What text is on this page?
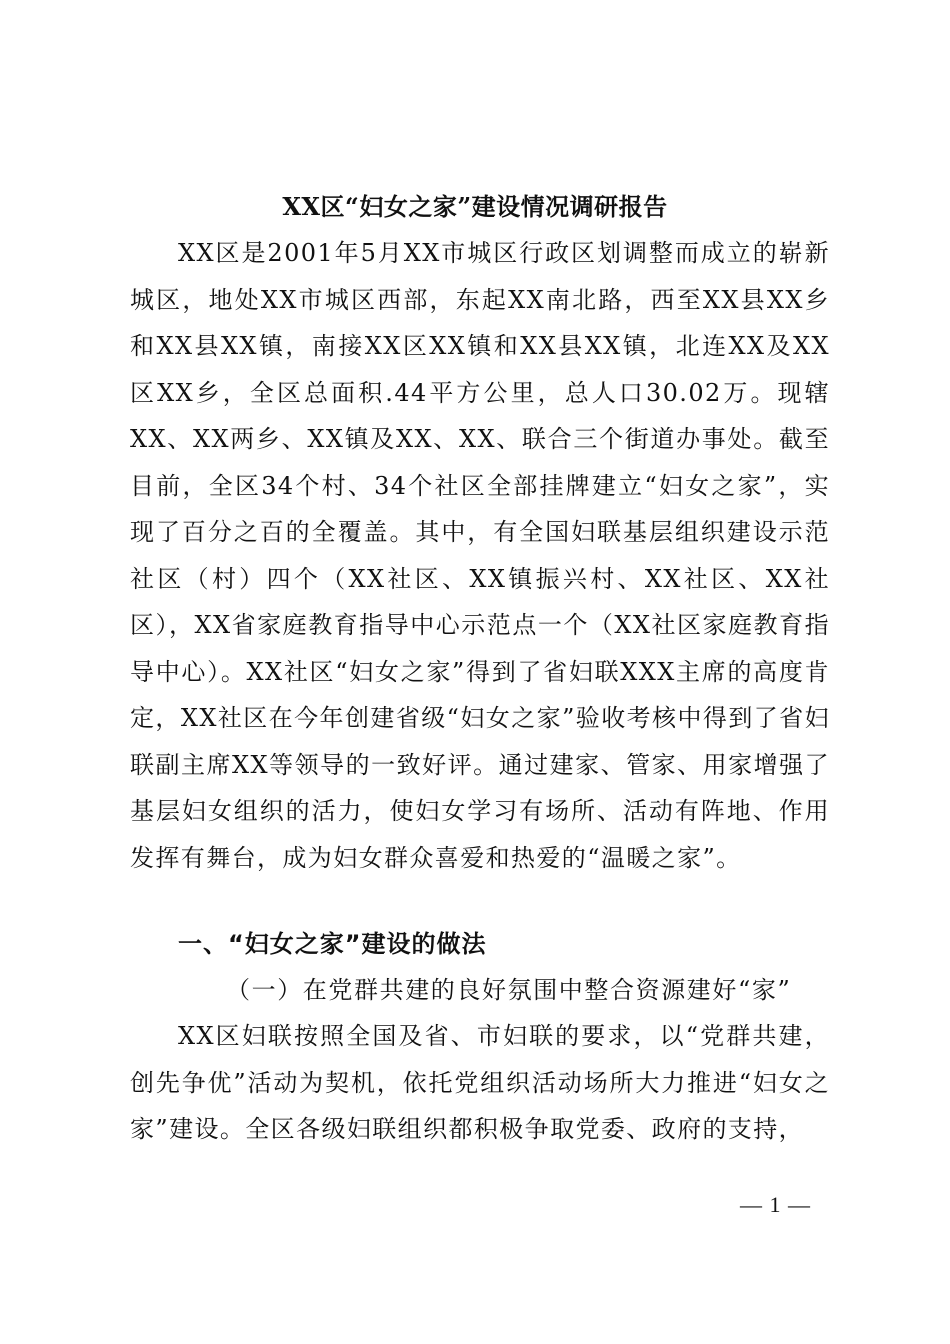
XX区“妇女之家”建设情况调研报告

XX区是2001年5月XX市城区行政区划调整而成立的崭新城区，地处XX市城区西部，东起XX南北路，西至XX县XX乡和XX县XX镇，南接XX区XX镇和XX县XX镇，北连XX及XX区XX乡，全区总面积.44平方公里，总人口30.02万。现辖XX、XX两乡、XX镇及XX、XX、联合三个街道办事处。截至目前，全区34个村、34个社区全部挂牌建立“妇女之家”，实现了百分之百的全覆盖。其中，有全国妇联基层组织建设示范社区（村）四个（XX社区、XX镇振兴村、XX社区、XX社区），XX省家庭教育指导中心示范点一个（XX社区家庭教育指导中心）。XX社区“妇女之家”得到了省妇联XXX主席的高度肯定，XX社区在今年创建省级“妇女之家”验收考核中得到了省妇联副主席XX等领导的一致好评。通过建家、管家、用家增强了基层妇女组织的活力，使妇女学习有场所、活动有阵地、作用发挥有舞台，成为妇女群众喜爱和热爱的“温暖之家”。

一、“妇女之家”建设的做法
（一）在党群共建的良好氛围中整合资源建好“家”

XX区妇联按照全国及省、市妇联的要求，以“党群共建，创先争优”活动为契机，依托党组织活动场所大力推进“妇女之家”建设。全区各级妇联组织都积极争取党委、政府的支持，

— 1 —
